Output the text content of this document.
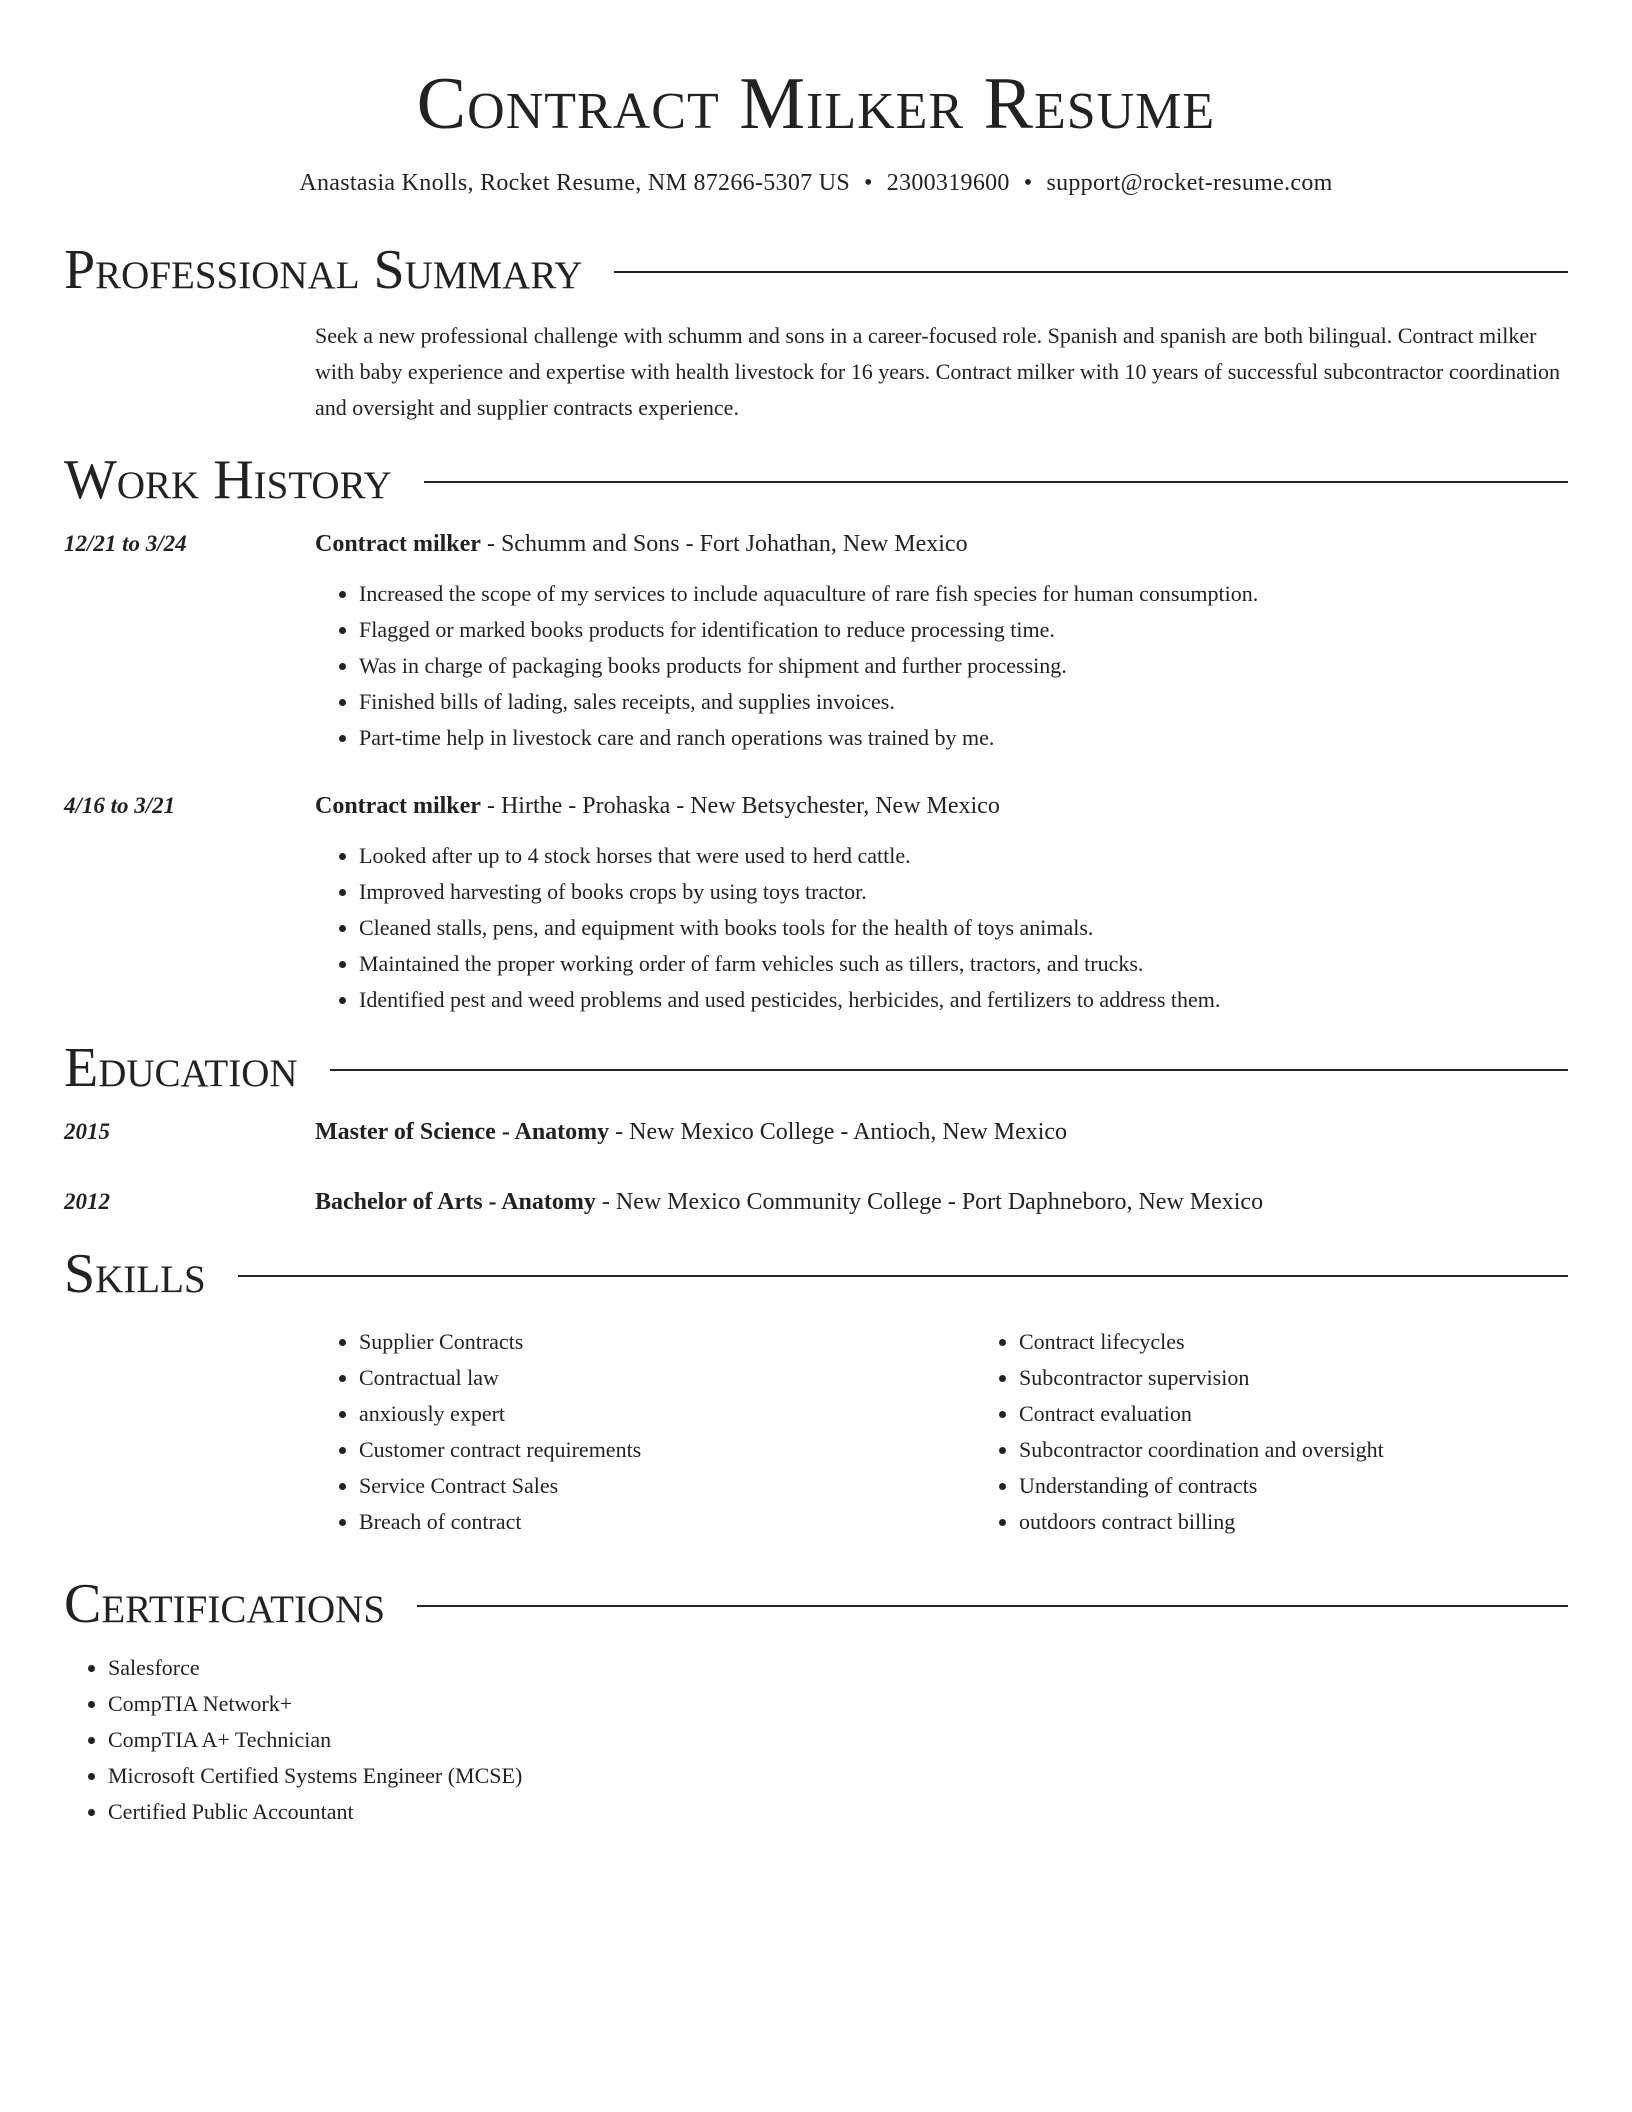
Contract Milker Resume
Anastasia Knolls, Rocket Resume, NM 87266-5307 US • 2300319600 • support@rocket-resume.com
Professional Summary

Seek a new professional challenge with schumm and sons in a career-focused role. Spanish and spanish are both bilingual. Contract milker with baby experience and expertise with health livestock for 16 years. Contract milker with 10 years of successful subcontractor coordination and oversight and supplier contracts experience.

Work History
12/21 to 3/24	Contract milker - Schumm and Sons - Fort Johathan, New Mexico
• Increased the scope of my services to include aquaculture of rare fish species for human consumption.
• Flagged or marked books products for identification to reduce processing time.
• Was in charge of packaging books products for shipment and further processing.
• Finished bills of lading, sales receipts, and supplies invoices.
• Part-time help in livestock care and ranch operations was trained by me.
4/16 to 3/21	Contract milker - Hirthe - Prohaska - New Betsychester, New Mexico
• Looked after up to 4 stock horses that were used to herd cattle.
• Improved harvesting of books crops by using toys tractor.
• Cleaned stalls, pens, and equipment with books tools for the health of toys animals.
• Maintained the proper working order of farm vehicles such as tillers, tractors, and trucks.
• Identified pest and weed problems and used pesticides, herbicides, and fertilizers to address them.
Education
2015	Master of Science - Anatomy - New Mexico College - Antioch, New Mexico
2012	Bachelor of Arts - Anatomy - New Mexico Community College - Port Daphneboro, New Mexico
Skills
• Supplier Contracts
• Contractual law
• anxiously expert
• Customer contract requirements
• Service Contract Sales
• Breach of contract
• Contract lifecycles
• Subcontractor supervision
• Contract evaluation
• Subcontractor coordination and oversight
• Understanding of contracts
• outdoors contract billing
Certifications
• Salesforce
• CompTIA Network+
• CompTIA A+ Technician
• Microsoft Certified Systems Engineer (MCSE)
• Certified Public Accountant
